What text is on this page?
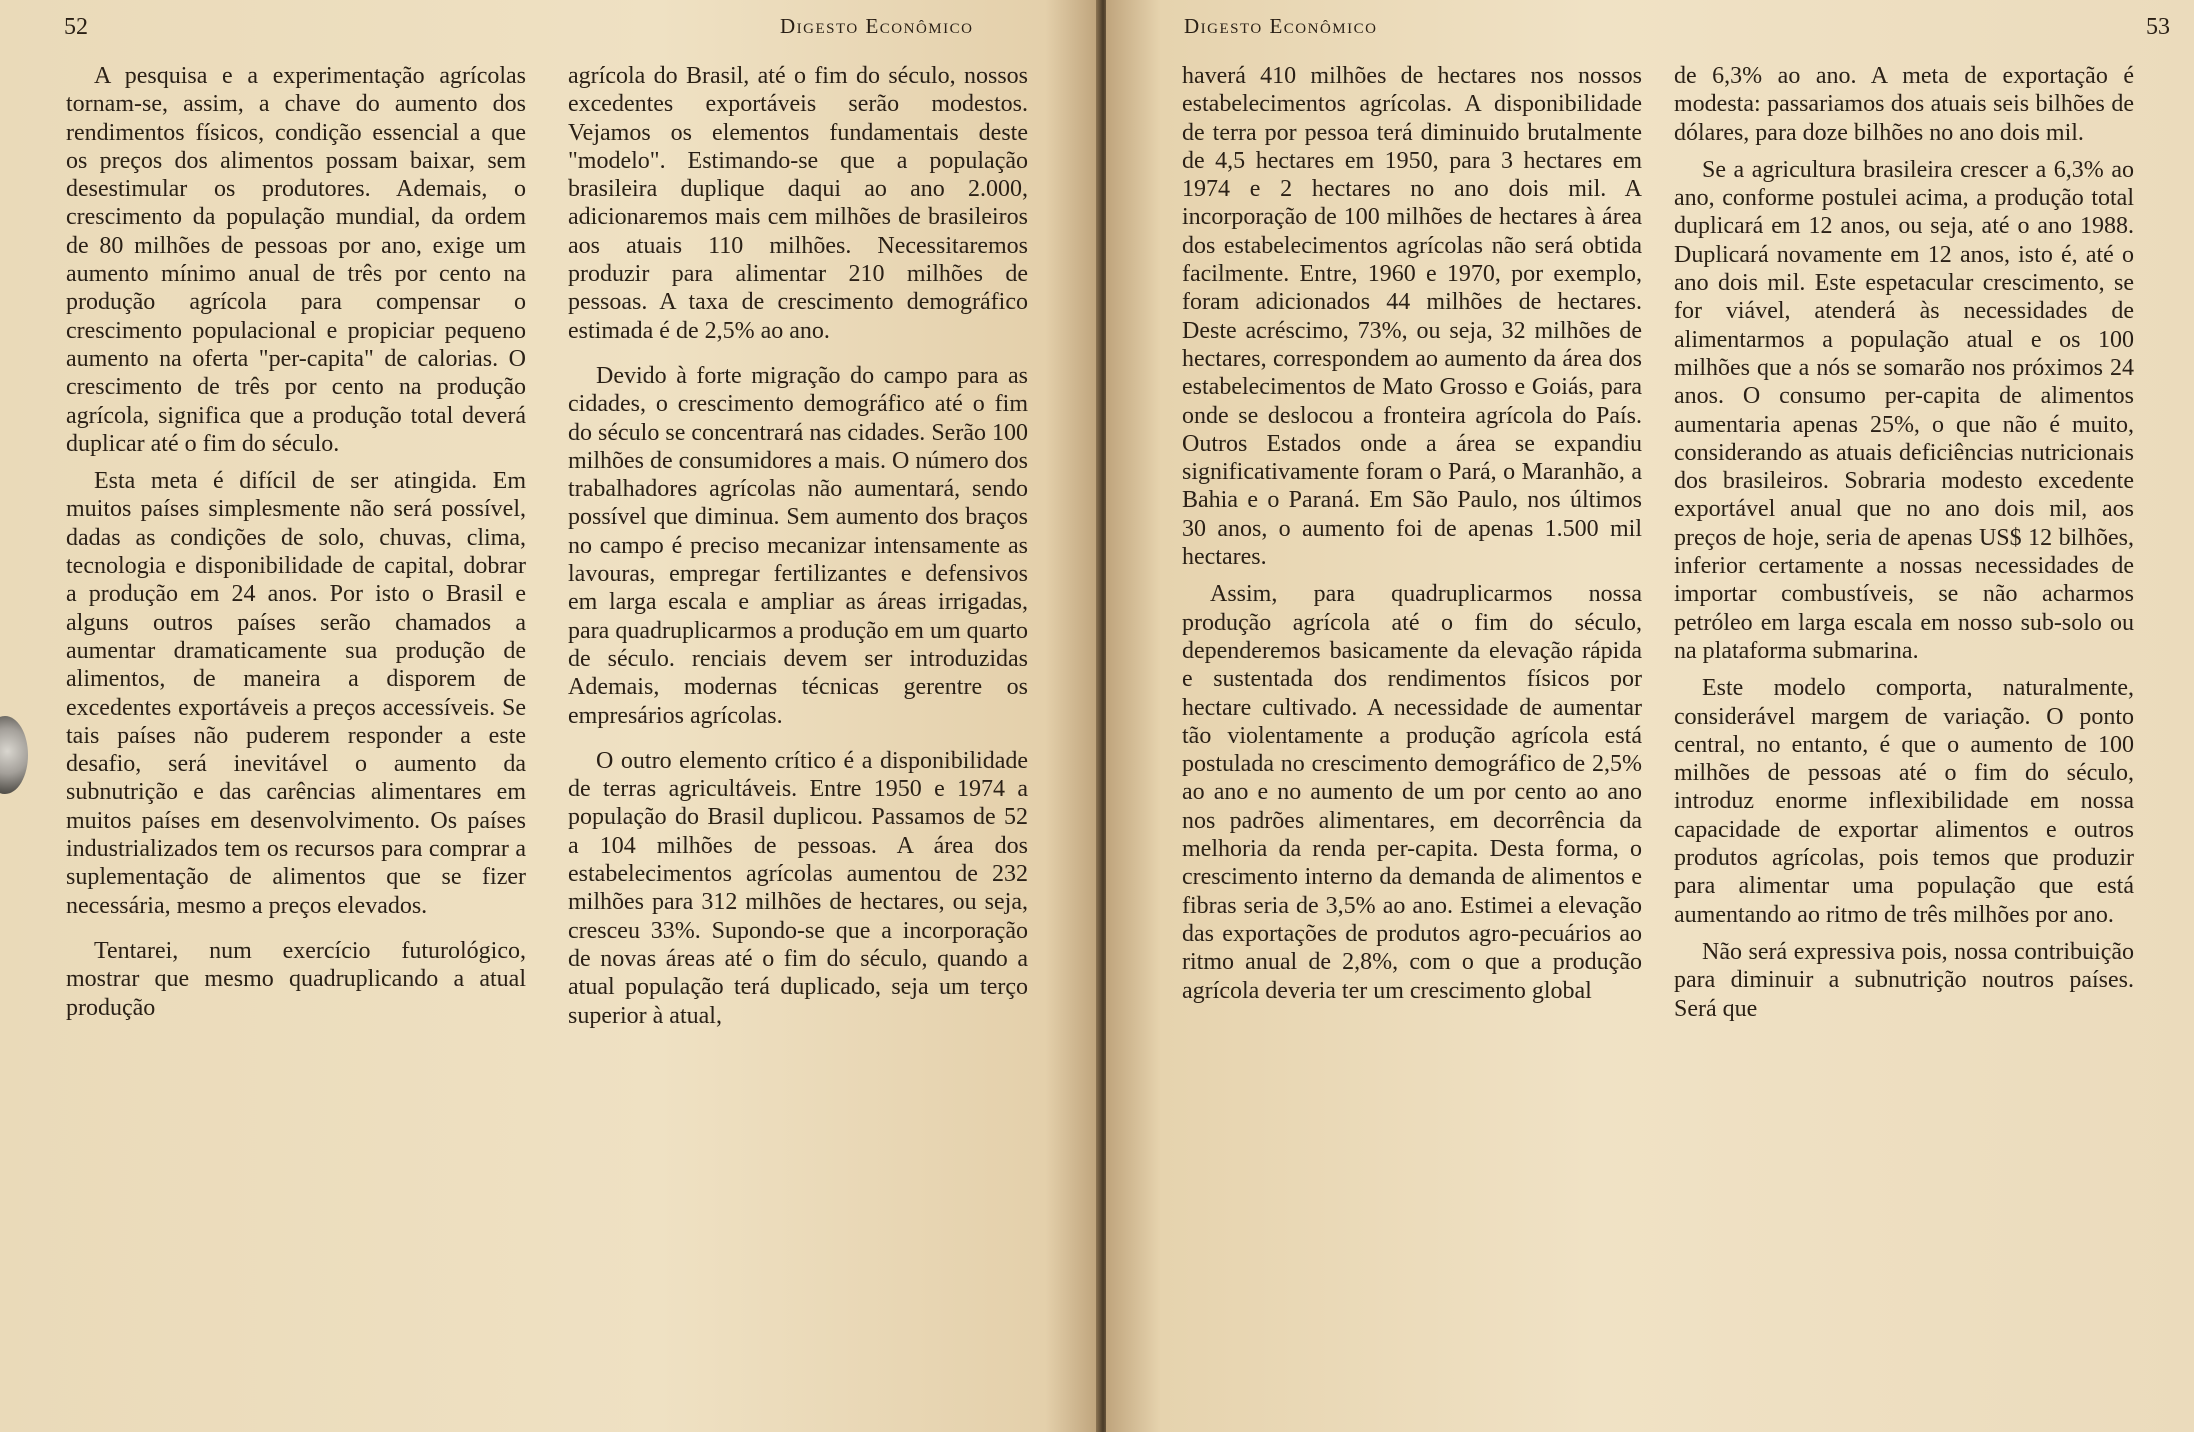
52	Digesto Econômico

A pesquisa e a experimentação agrícolas tornam-se, assim, a chave do aumento dos rendimentos físicos, condição essencial a que os preços dos alimentos possam baixar, sem desestimular os produtores. Ademais, o crescimento da população mundial, da ordem de 80 milhões de pessoas por ano, exige um aumento mínimo anual de três por cento na produção agrícola para compensar o crescimento populacional e propiciar pequeno aumento na oferta "per-capita" de calorias. O crescimento de três por cento na produção agrícola, significa que a produção total deverá duplicar até o fim do século.

Esta meta é difícil de ser atingida. Em muitos países simplesmente não será possível, dadas as condições de solo, chuvas, clima, tecnologia e disponibilidade de capital, dobrar a produção em 24 anos. Por isto o Brasil e alguns outros países serão chamados a aumentar dramaticamente sua produção de alimentos, de maneira a disporem de excedentes exportáveis a preços accessíveis. Se tais países não puderem responder a este desafio, será inevitável o aumento da subnutrição e das carências alimentares em muitos países em desenvolvimento. Os países industrializados tem os recursos para comprar a suplementação de alimentos que se fizer necessária, mesmo a preços elevados.

Tentarei, num exercício futurológico, mostrar que mesmo quadruplicando a atual produção

agrícola do Brasil, até o fim do século, nossos excedentes exportáveis serão modestos. Vejamos os elementos fundamentais deste "modelo". Estimando-se que a população brasileira duplique daqui ao ano 2.000, adicionaremos mais cem milhões de brasileiros aos atuais 110 milhões. Necessitaremos produzir para alimentar 210 milhões de pessoas. A taxa de crescimento demográfico estimada é de 2,5% ao ano.

Devido à forte migração do campo para as cidades, o crescimento demográfico até o fim do século se concentrará nas cidades. Serão 100 milhões de consumidores a mais. O número dos trabalhadores agrícolas não aumentará, sendo possível que diminua. Sem aumento dos braços no campo é preciso mecanizar intensamente as lavouras, empregar fertilizantes e defensivos em larga escala e ampliar as áreas irrigadas, para quadruplicarmos a produção em um quarto de século. renciais devem ser introduzidas Ademais, modernas técnicas gerentre os empresários agrícolas.

O outro elemento crítico é a disponibilidade de terras agricultáveis. Entre 1950 e 1974 a população do Brasil duplicou. Passamos de 52 a 104 milhões de pessoas. A área dos estabelecimentos agrícolas aumentou de 232 milhões para 312 milhões de hectares, ou seja, cresceu 33%. Supondo-se que a incorporação de novas áreas até o fim do século, quando a atual população terá duplicado, seja um terço superior à atual,

Digesto Econômico	53

haverá 410 milhões de hectares nos nossos estabelecimentos agrícolas. A disponibilidade de terra por pessoa terá diminuido brutalmente de 4,5 hectares em 1950, para 3 hectares em 1974 e 2 hectares no ano dois mil. A incorporação de 100 milhões de hectares à área dos estabelecimentos agrícolas não será obtida facilmente. Entre, 1960 e 1970, por exemplo, foram adicionados 44 milhões de hectares. Deste acréscimo, 73%, ou seja, 32 milhões de hectares, correspondem ao aumento da área dos estabelecimentos de Mato Grosso e Goiás, para onde se deslocou a fronteira agrícola do País. Outros Estados onde a área se expandiu significativamente foram o Pará, o Maranhão, a Bahia e o Paraná. Em São Paulo, nos últimos 30 anos, o aumento foi de apenas 1.500 mil hectares.

Assim, para quadruplicarmos nossa produção agrícola até o fim do século, dependeremos basicamente da elevação rápida e sustentada dos rendimentos físicos por hectare cultivado. A necessidade de aumentar tão violentamente a produção agrícola está postulada no crescimento demográfico de 2,5% ao ano e no aumento de um por cento ao ano nos padrões alimentares, em decorrência da melhoria da renda per-capita. Desta forma, o crescimento interno da demanda de alimentos e fibras seria de 3,5% ao ano. Estimei a elevação das exportações de produtos agro-pecuários ao ritmo anual de 2,8%, com o que a produção agrícola deveria ter um crescimento global

de 6,3% ao ano. A meta de exportação é modesta: passariamos dos atuais seis bilhões de dólares, para doze bilhões no ano dois mil.

Se a agricultura brasileira crescer a 6,3% ao ano, conforme postulei acima, a produção total duplicará em 12 anos, ou seja, até o ano 1988. Duplicará novamente em 12 anos, isto é, até o ano dois mil. Este espetacular crescimento, se for viável, atenderá às necessidades de alimentarmos a população atual e os 100 milhões que a nós se somarão nos próximos 24 anos. O consumo per-capita de alimentos aumentaria apenas 25%, o que não é muito, considerando as atuais deficiências nutricionais dos brasileiros. Sobraria modesto excedente exportável anual que no ano dois mil, aos preços de hoje, seria de apenas US$ 12 bilhões, inferior certamente a nossas necessidades de importar combustíveis, se não acharmos petróleo em larga escala em nosso sub-solo ou na plataforma submarina.

Este modelo comporta, naturalmente, considerável margem de variação. O ponto central, no entanto, é que o aumento de 100 milhões de pessoas até o fim do século, introduz enorme inflexibilidade em nossa capacidade de exportar alimentos e outros produtos agrícolas, pois temos que produzir para alimentar uma população que está aumentando ao ritmo de três milhões por ano.

Não será expressiva pois, nossa contribuição para diminuir a subnutrição noutros países. Será que
